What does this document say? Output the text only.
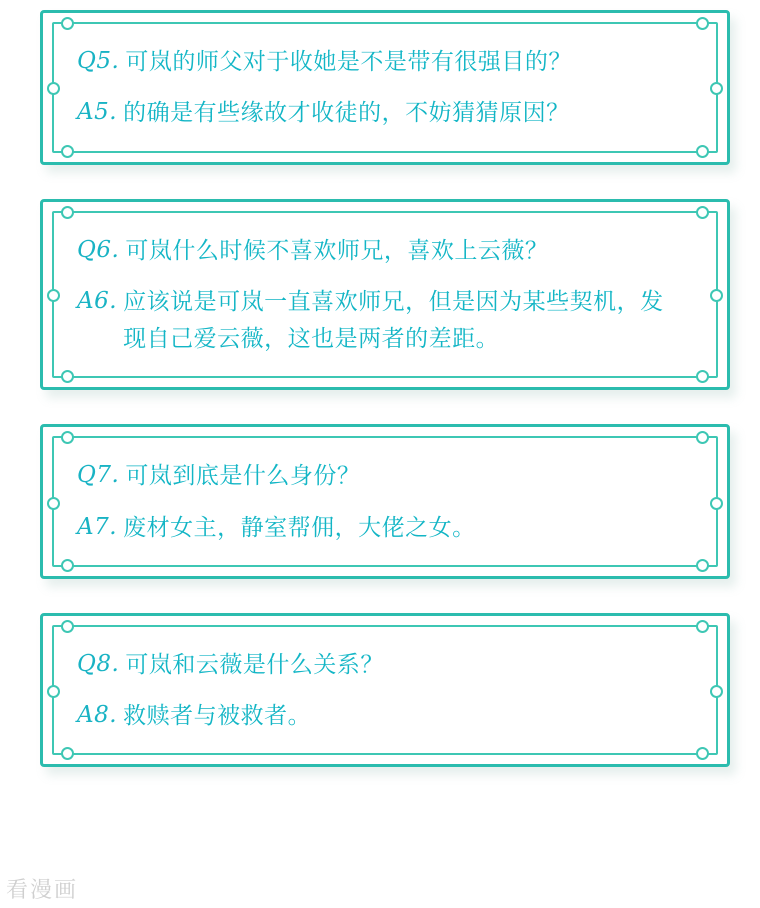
Q5. 可岚的师父对于收她是不是带有很强目的？
A5. 的确是有些缘故才收徒的，不妨猜猜原因？
Q6. 可岚什么时候不喜欢师兄，喜欢上云薇？
A6. 应该说是可岚一直喜欢师兄，但是因为某些契机，发现自己爱云薇，这也是两者的差距。
Q7. 可岚到底是什么身份？
A7. 废材女主，静室帮佣，大佬之女。
Q8. 可岚和云薇是什么关系？
A8. 救赎者与被救者。
看漫画
